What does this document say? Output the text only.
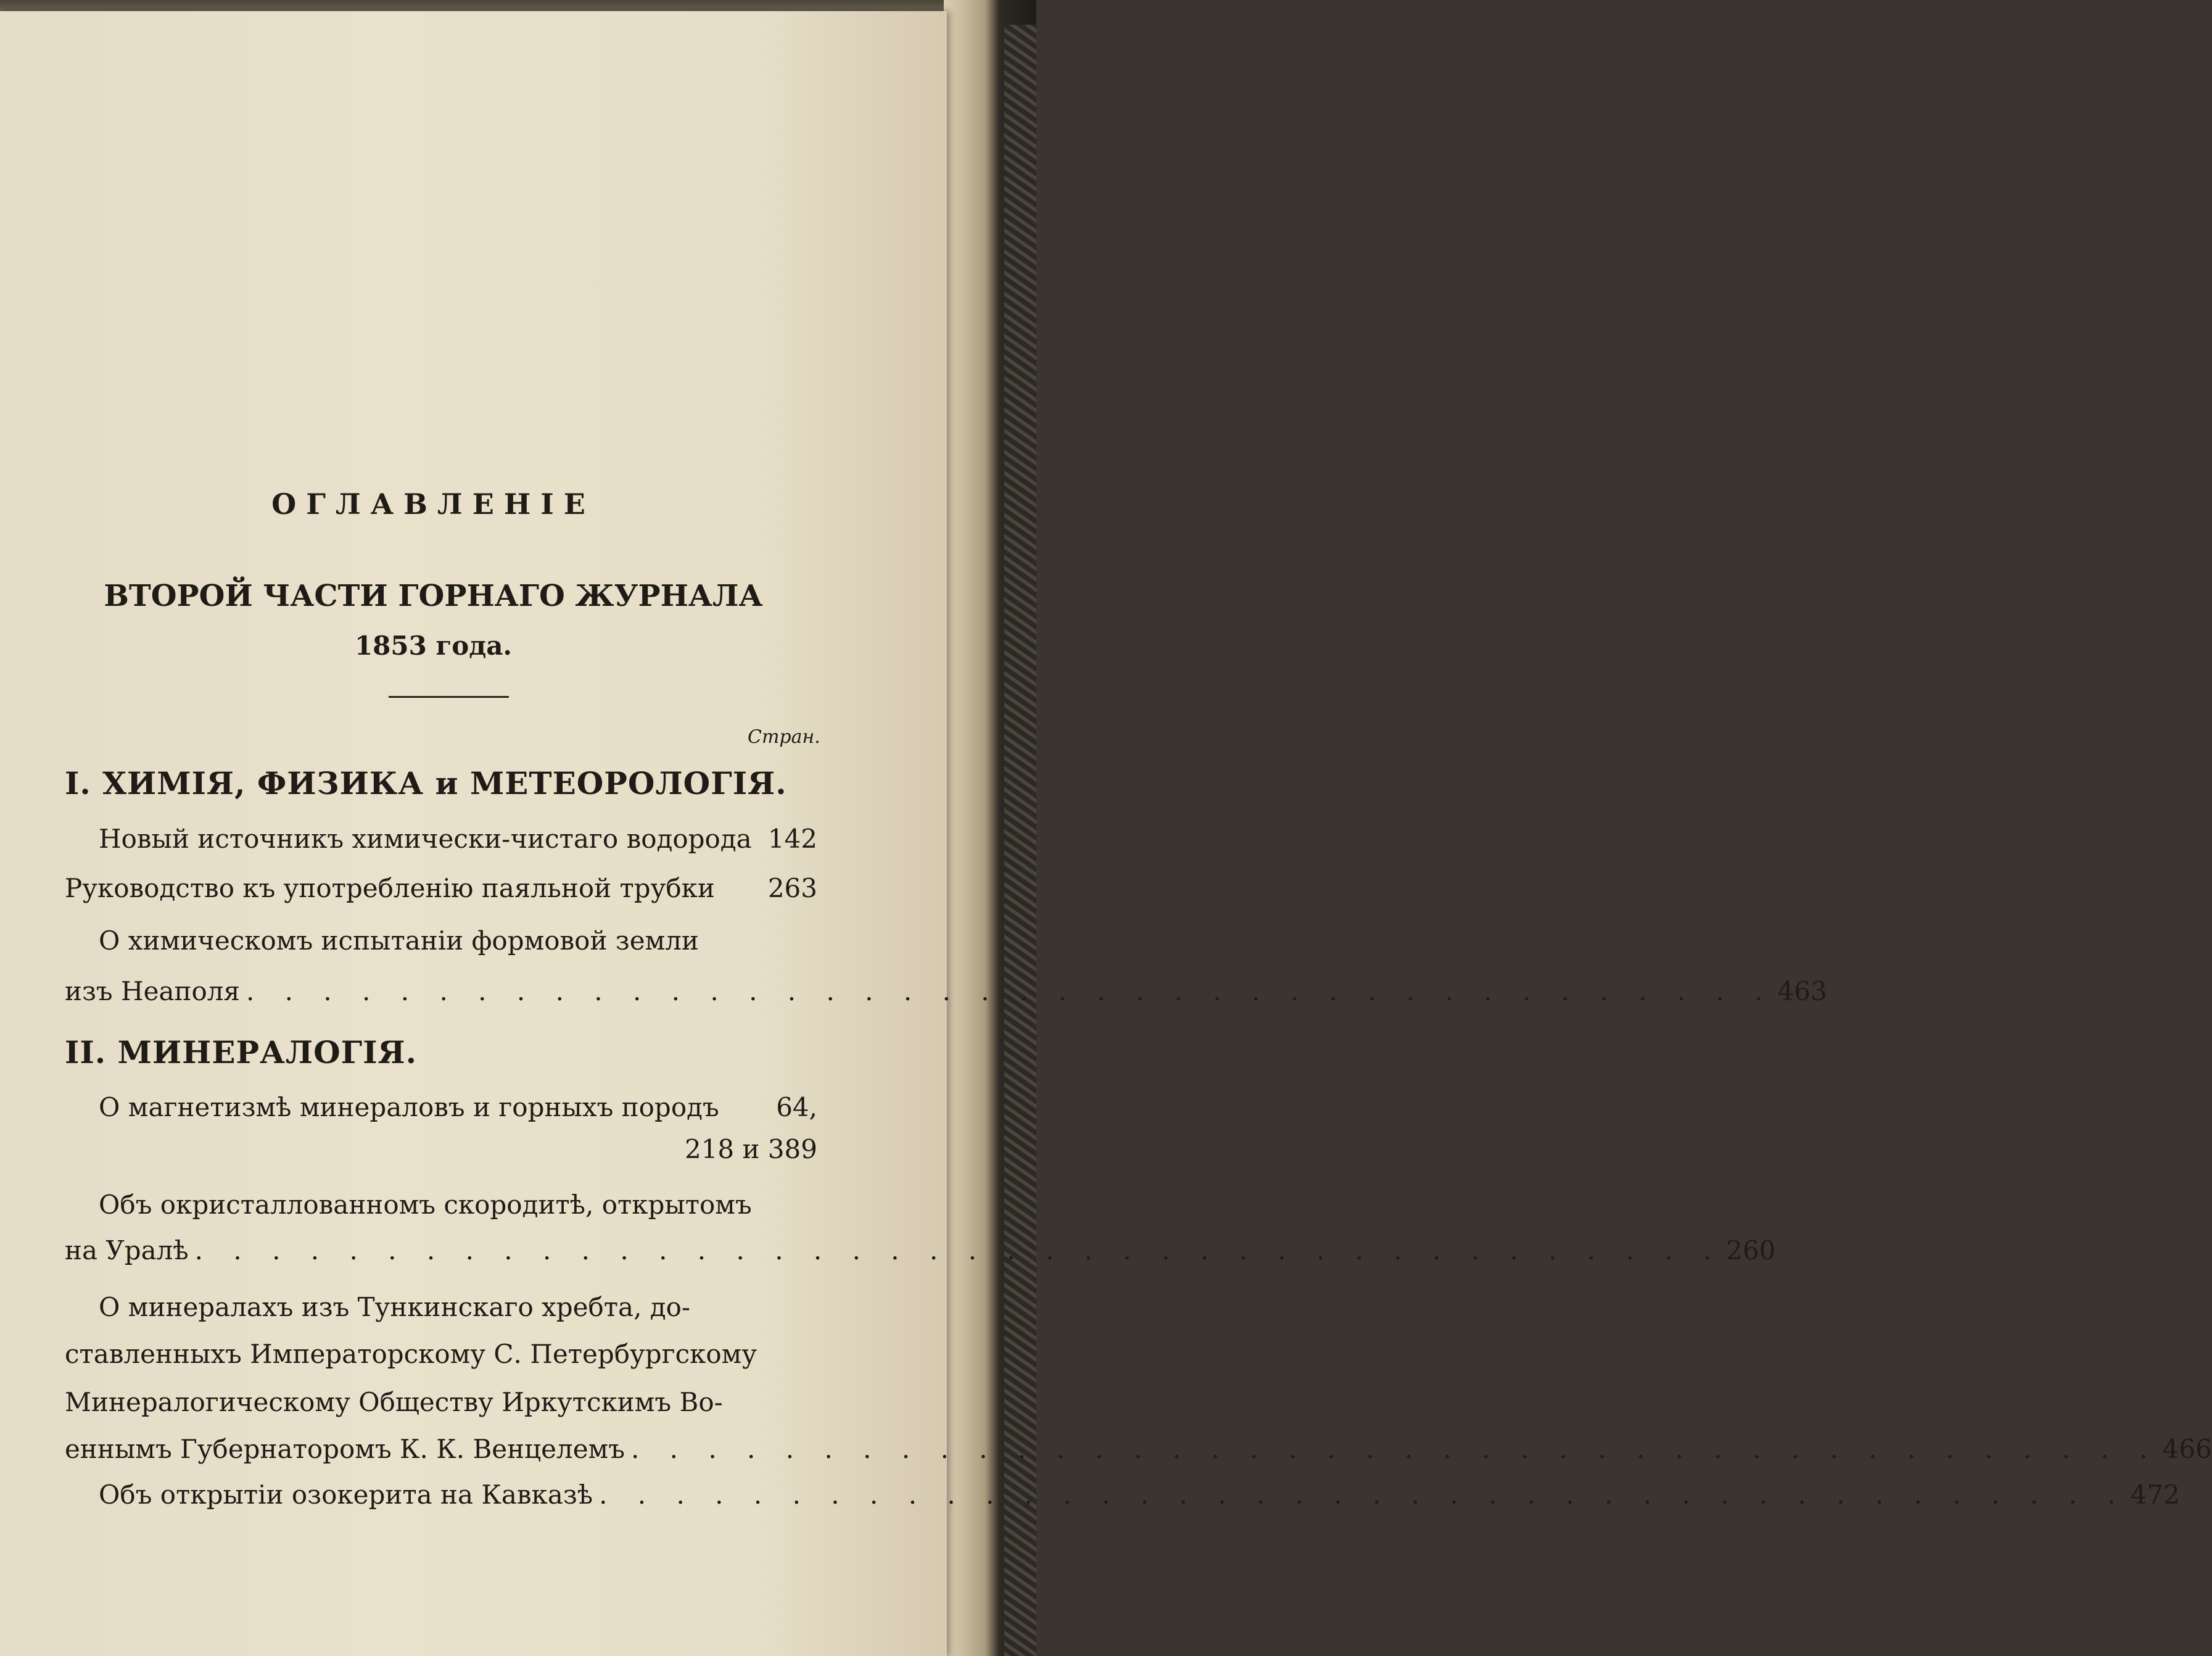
ОГЛАВЛЕНІЕ
ВТОРОЙ ЧАСТИ ГОРНАГО ЖУРНАЛА
1853 года.
Стран.
I. ХИМІЯ, ФИЗИКА и МЕТЕОРОЛОГІЯ.
Новый источникъ химически-чистаго водорода 142
Руководство къ употребленію паяльной трубки 263
О химическомъ испытаніи формовой земли
изъ Неаполя . . . . . . . . . . . . . . . . . . . . . . . . . . . . . . . . . . . . . . . . 463
II. МИНЕРАЛОГІЯ.
О магнетизмѣ минераловъ и горныхъ породъ 64,
218 и 389
Объ окристаллованномъ скородитѣ, открытомъ
на Уралѣ . . . . . . . . . . . . . . . . . . . . . . . . . . . . . . . . . . . . . . . . 260
О минералахъ изъ Тункинскаго хребта, до-
ставленныхъ Императорскому С. Петербургскому
Минералогическому Обществу Иркутскимъ Во-
еннымъ Губернаторомъ К. К. Венцелемъ . . . . . . . . . . . . . . . . . . . . . . . . . . . . . . . . . . . . . . . . 466
Объ открытіи озокерита на Кавказѣ . . . . . . . . . . . . . . . . . . . . . . . . . . . . . . . . . . . . . . . . 472
